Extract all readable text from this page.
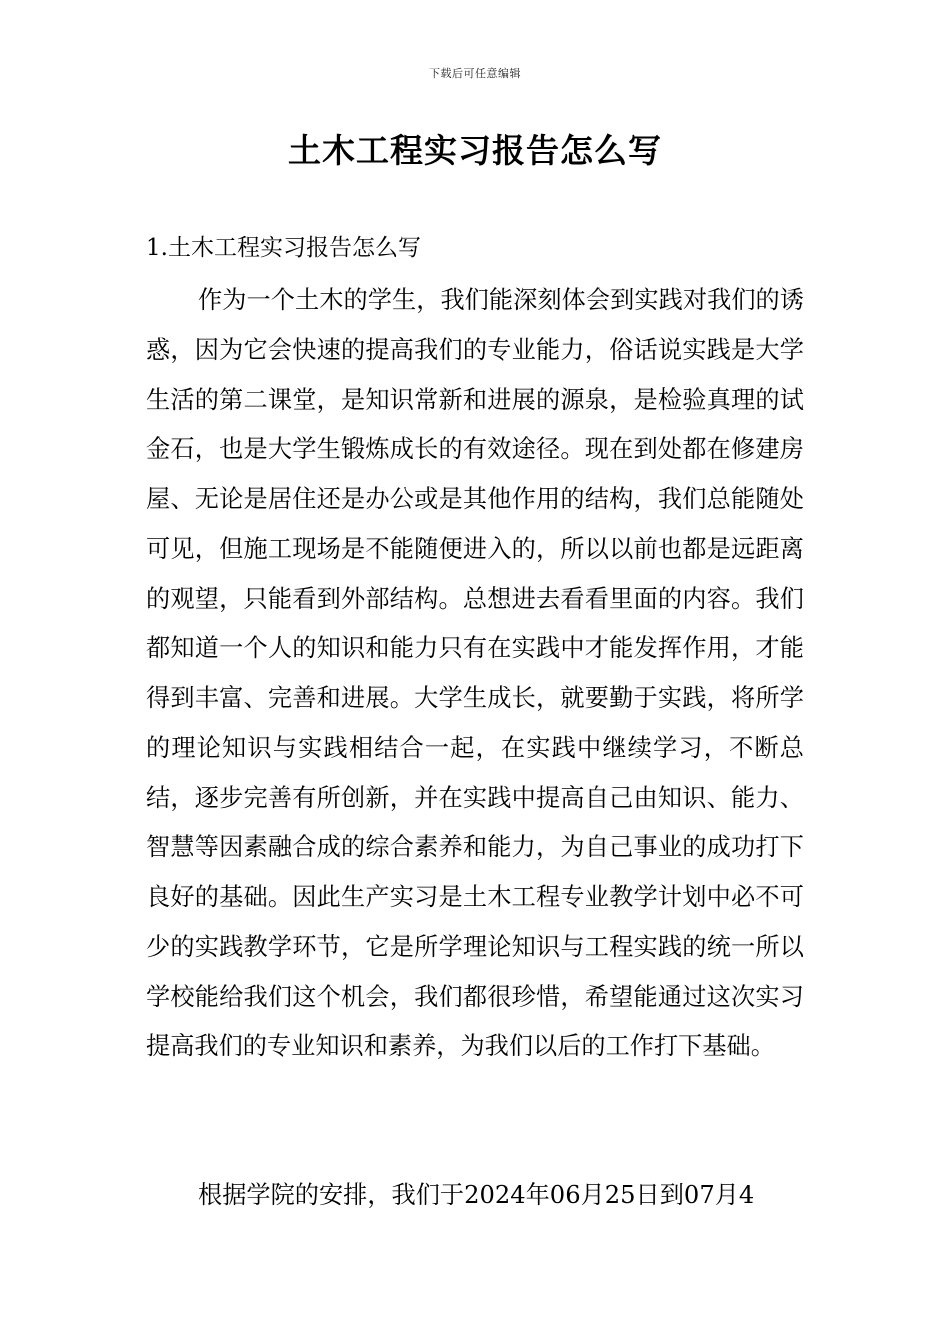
下载后可任意编辑
土木工程实习报告怎么写
1.土木工程实习报告怎么写

作为一个土木的学生，我们能深刻体会到实践对我们的诱惑，因为它会快速的提高我们的专业能力，俗话说实践是大学生活的第二课堂，是知识常新和进展的源泉，是检验真理的试金石，也是大学生锻炼成长的有效途径。现在到处都在修建房屋、无论是居住还是办公或是其他作用的结构，我们总能随处可见，但施工现场是不能随便进入的，所以以前也都是远距离的观望，只能看到外部结构。总想进去看看里面的内容。我们都知道一个人的知识和能力只有在实践中才能发挥作用，才能得到丰富、完善和进展。大学生成长，就要勤于实践，将所学的理论知识与实践相结合一起，在实践中继续学习，不断总结，逐步完善有所创新，并在实践中提高自己由知识、能力、智慧等因素融合成的综合素养和能力，为自己事业的成功打下良好的基础。因此生产实习是土木工程专业教学计划中必不可少的实践教学环节，它是所学理论知识与工程实践的统一所以学校能给我们这个机会，我们都很珍惜，希望能通过这次实习提高我们的专业知识和素养，为我们以后的工作打下基础。

根据学院的安排，我们于2024年06月25日到07月4
